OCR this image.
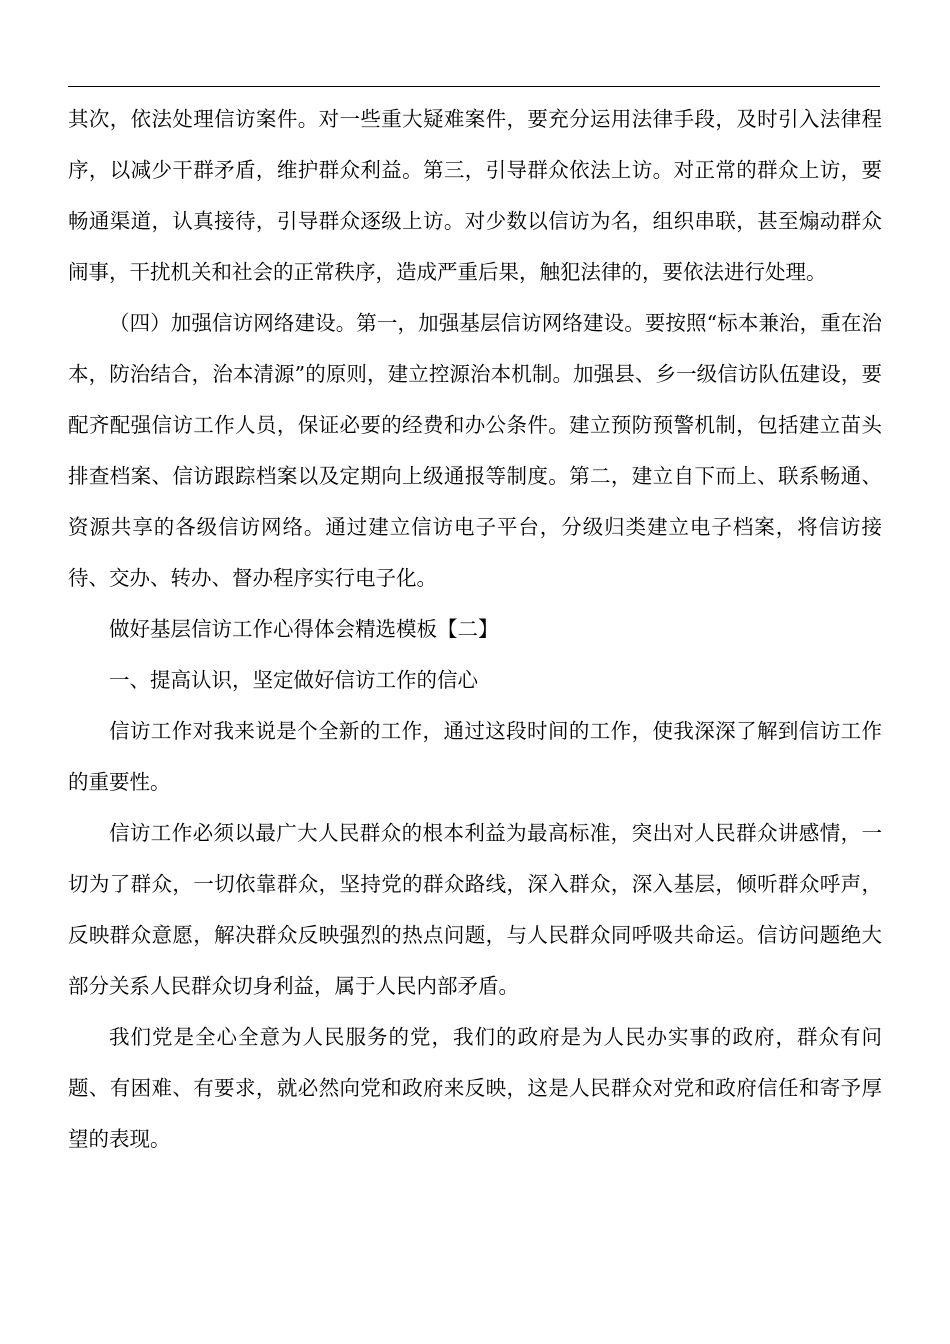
其次，依法处理信访案件。对一些重大疑难案件，要充分运用法律手段，及时引入法律程序，以减少干群矛盾，维护群众利益。第三，引导群众依法上访。对正常的群众上访，要畅通渠道，认真接待，引导群众逐级上访。对少数以信访为名，组织串联，甚至煽动群众闹事，干扰机关和社会的正常秩序，造成严重后果，触犯法律的，要依法进行处理。

（四）加强信访网络建设。第一，加强基层信访网络建设。要按照“标本兼治，重在治本，防治结合，治本清源”的原则，建立控源治本机制。加强县、乡一级信访队伍建设，要配齐配强信访工作人员，保证必要的经费和办公条件。建立预防预警机制，包括建立苗头排查档案、信访跟踪档案以及定期向上级通报等制度。第二，建立自下而上、联系畅通、资源共享的各级信访网络。通过建立信访电子平台，分级归类建立电子档案，将信访接待、交办、转办、督办程序实行电子化。

做好基层信访工作心得体会精选模板【二】

一、提高认识，坚定做好信访工作的信心

信访工作对我来说是个全新的工作，通过这段时间的工作，使我深深了解到信访工作的重要性。

信访工作必须以最广大人民群众的根本利益为最高标准，突出对人民群众讲感情，一切为了群众，一切依靠群众，坚持党的群众路线，深入群众，深入基层，倾听群众呼声，反映群众意愿，解决群众反映强烈的热点问题，与人民群众同呼吸共命运。信访问题绝大部分关系人民群众切身利益，属于人民内部矛盾。

我们党是全心全意为人民服务的党，我们的政府是为人民办实事的政府，群众有问题、有困难、有要求，就必然向党和政府来反映，这是人民群众对党和政府信任和寄予厚望的表现。
